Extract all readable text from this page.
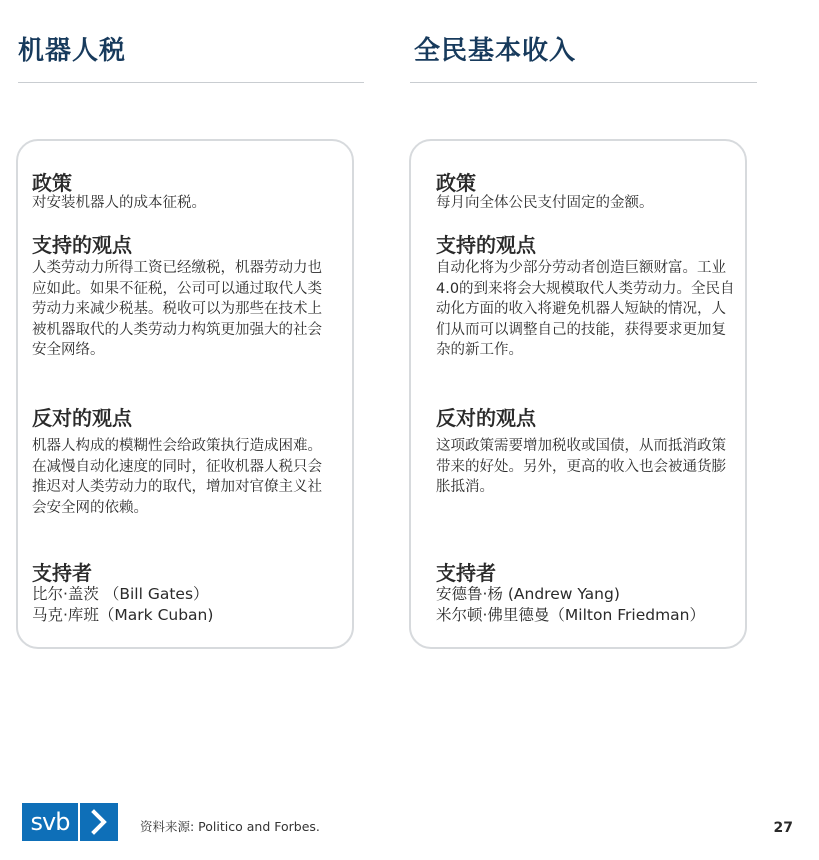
机器人税
政策
对安装机器人的成本征税。
支持的观点
人类劳动力所得工资已经缴税，机器劳动力也应如此。如果不征税，公司可以通过取代人类劳动力来减少税基。税收可以为那些在技术上被机器取代的人类劳动力构筑更加强大的社会安全网络。
反对的观点
机器人构成的模糊性会给政策执行造成困难。在减慢自动化速度的同时，征收机器人税只会推迟对人类劳动力的取代，增加对官僚主义社会安全网的依赖。
支持者
比尔·盖茨 （Bill Gates）
马克·库班（Mark Cuban)
全民基本收入
政策
每月向全体公民支付固定的金额。
支持的观点
自动化将为少部分劳动者创造巨额财富。工业4.0的到来将会大规模取代人类劳动力。全民自动化方面的收入将避免机器人短缺的情况，人们从而可以调整自己的技能，获得要求更加复杂的新工作。
反对的观点
这项政策需要增加税收或国债，从而抵消政策带来的好处。另外，更高的收入也会被通货膨胀抵消。
支持者
安德鲁·杨 (Andrew Yang)
米尔顿·佛里德曼（Milton Friedman）
svb	资料来源: Politico and Forbes.	27
